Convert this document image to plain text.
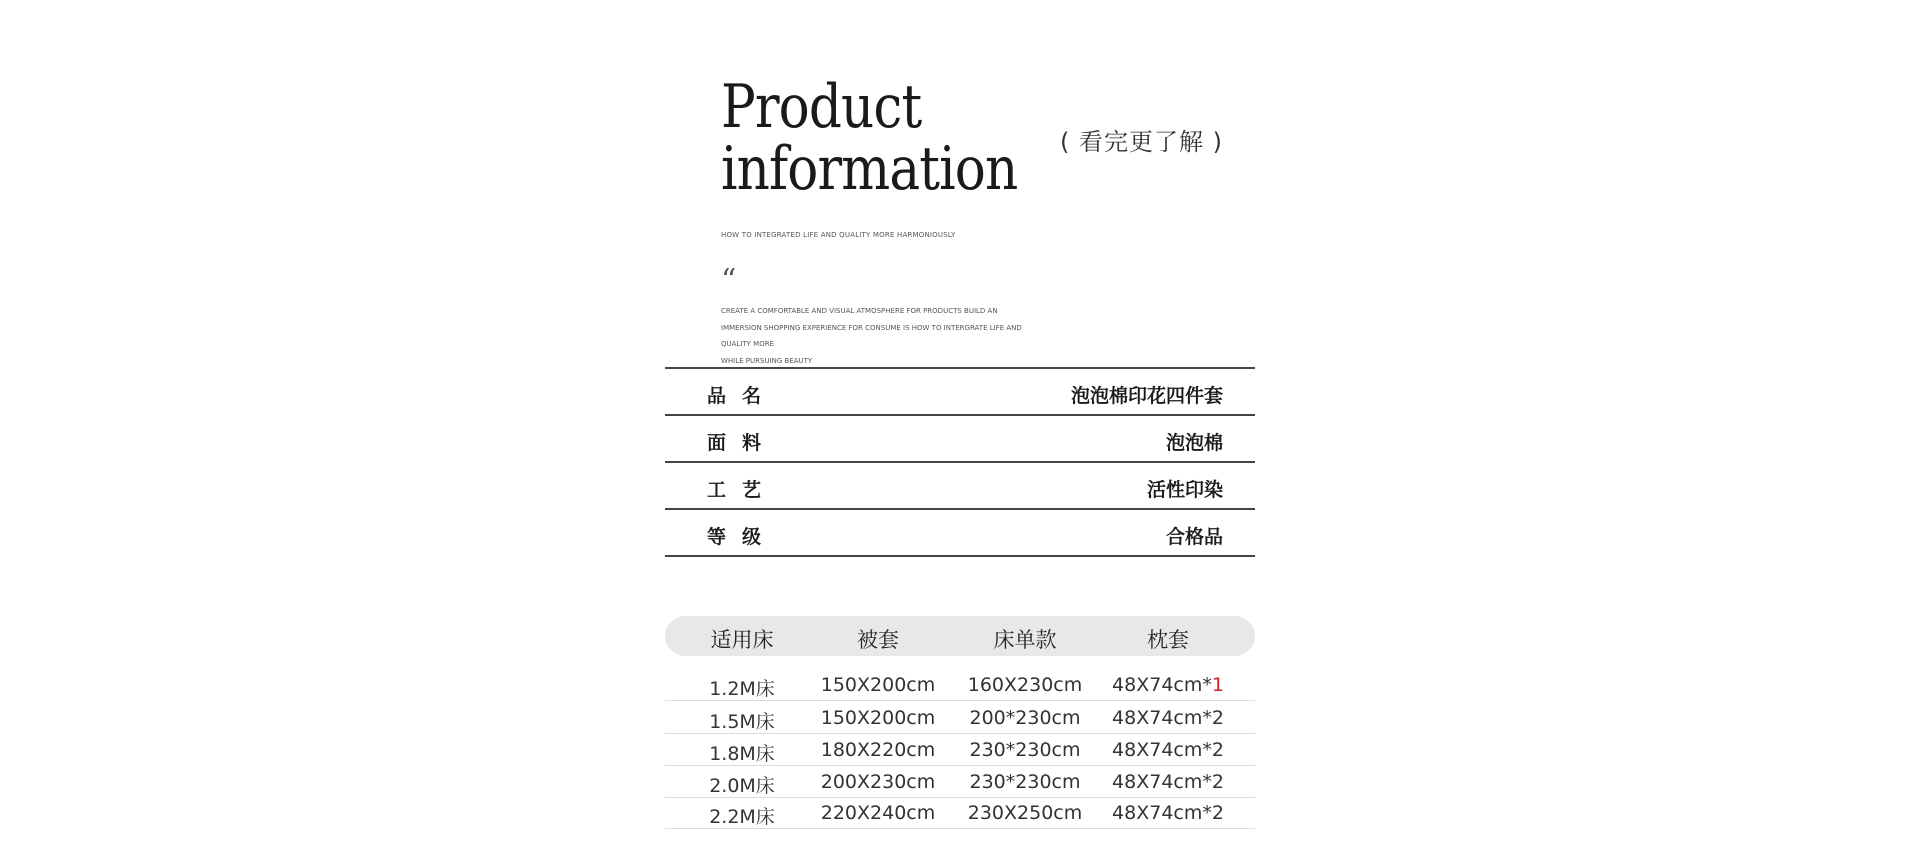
Product
information ( 看完更了解 )
HOW TO INTEGRATED LIFE AND QUALITY MORE HARMONIOUSLY
“
CREATE A COMFORTABLE AND VISUAL ATMOSPHERE FOR PRODUCTS BUILD AN
IMMERSION SHOPPING EXPERIENCE FOR CONSUME IS HOW TO INTERGRATE LIFE AND QUALITY MORE
WHILE PURSUING BEAUTY
品名	泡泡棉印花四件套
面料	泡泡棉
工艺	活性印染
等级	合格品
适用床	被套	床单款	枕套
1.2M床 150X200cm 160X230cm 48X74cm*1
1.5M床 150X200cm 200*230cm 48X74cm*2
1.8M床 180X220cm 230*230cm 48X74cm*2
2.0M床 200X230cm 230*230cm 48X74cm*2
2.2M床 220X240cm 230X250cm 48X74cm*2
